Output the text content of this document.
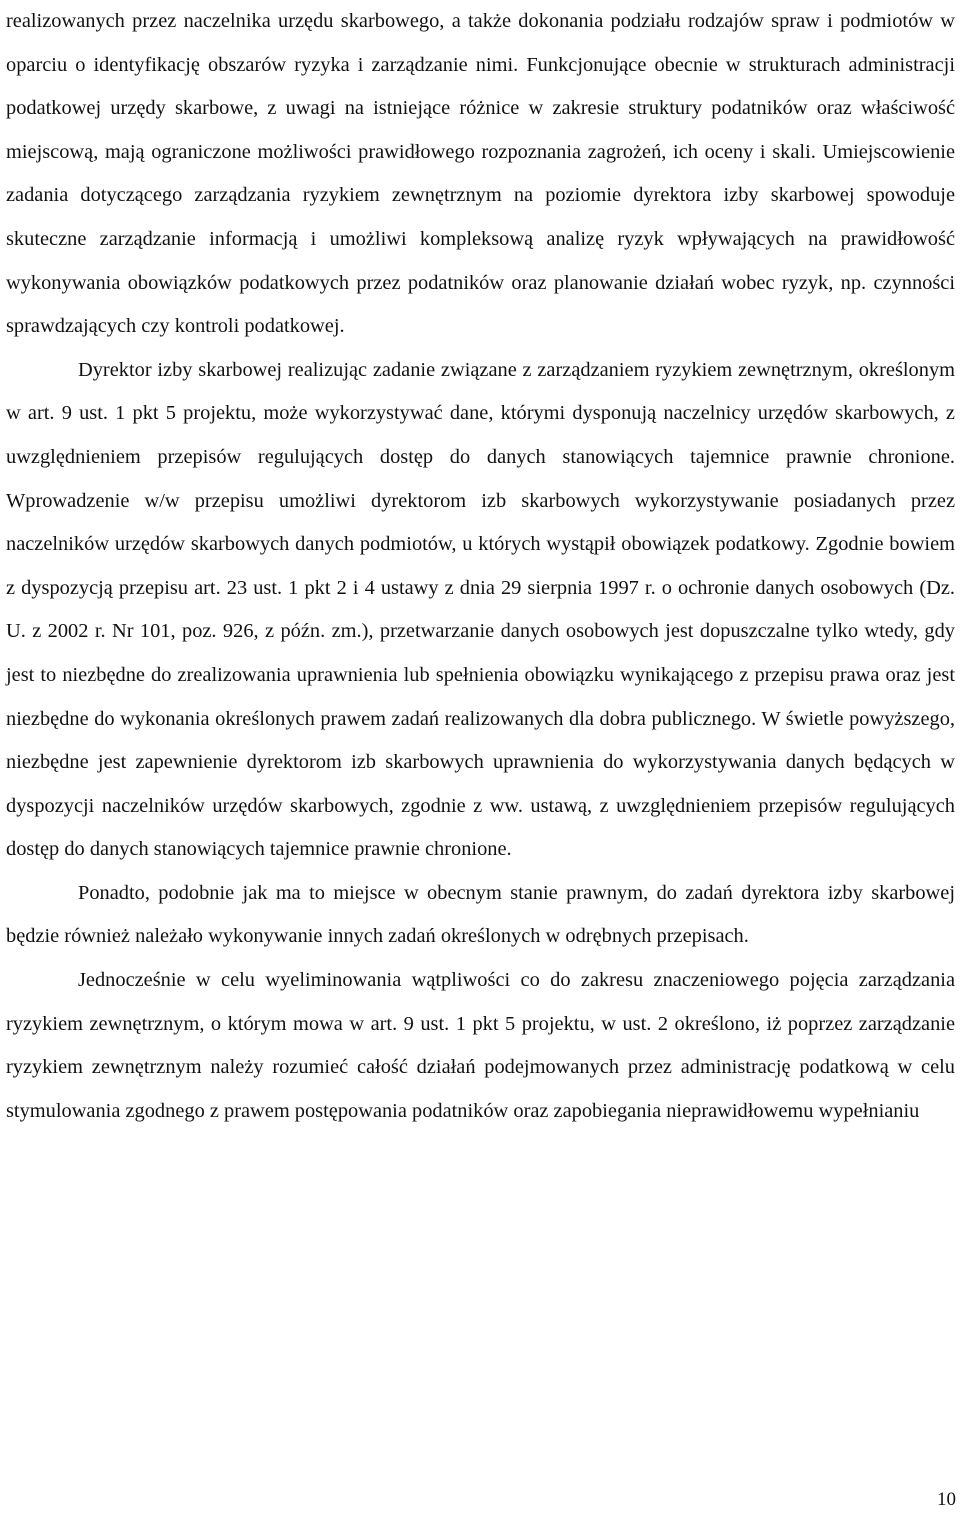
realizowanych przez naczelnika urzędu skarbowego, a także dokonania podziału rodzajów spraw i podmiotów w oparciu o identyfikację obszarów ryzyka i zarządzanie nimi. Funkcjonujące obecnie w strukturach administracji podatkowej urzędy skarbowe, z uwagi na istniejące różnice w zakresie struktury podatników oraz właściwość miejscową, mają ograniczone możliwości prawidłowego rozpoznania zagrożeń, ich oceny i skali. Umiejscowienie zadania dotyczącego zarządzania ryzykiem zewnętrznym na poziomie dyrektora izby skarbowej spowoduje skuteczne zarządzanie informacją i umożliwi kompleksową analizę ryzyk wpływających na prawidłowość wykonywania obowiązków podatkowych przez podatników oraz planowanie działań wobec ryzyk, np. czynności sprawdzających czy kontroli podatkowej.

Dyrektor izby skarbowej realizując zadanie związane z zarządzaniem ryzykiem zewnętrznym, określonym w art. 9 ust. 1 pkt 5 projektu, może wykorzystywać dane, którymi dysponują naczelnicy urzędów skarbowych, z uwzględnieniem przepisów regulujących dostęp do danych stanowiących tajemnice prawnie chronione. Wprowadzenie w/w przepisu umożliwi dyrektorom izb skarbowych wykorzystywanie posiadanych przez naczelników urzędów skarbowych danych podmiotów, u których wystąpił obowiązek podatkowy. Zgodnie bowiem z dyspozycją przepisu art. 23 ust. 1 pkt 2 i 4 ustawy z dnia 29 sierpnia 1997 r. o ochronie danych osobowych (Dz. U. z 2002 r. Nr 101, poz. 926, z późn. zm.), przetwarzanie danych osobowych jest dopuszczalne tylko wtedy, gdy jest to niezbędne do zrealizowania uprawnienia lub spełnienia obowiązku wynikającego z przepisu prawa oraz jest niezbędne do wykonania określonych prawem zadań realizowanych dla dobra publicznego. W świetle powyższego, niezbędne jest zapewnienie dyrektorom izb skarbowych uprawnienia do wykorzystywania danych będących w dyspozycji naczelników urzędów skarbowych, zgodnie z ww. ustawą, z uwzględnieniem przepisów regulujących dostęp do danych stanowiących tajemnice prawnie chronione.

Ponadto, podobnie jak ma to miejsce w obecnym stanie prawnym, do zadań dyrektora izby skarbowej będzie również należało wykonywanie innych zadań określonych w odrębnych przepisach.

Jednocześnie w celu wyeliminowania wątpliwości co do zakresu znaczeniowego pojęcia zarządzania ryzykiem zewnętrznym, o którym mowa w art. 9 ust. 1 pkt 5 projektu, w ust. 2 określono, iż poprzez zarządzanie ryzykiem zewnętrznym należy rozumieć całość działań podejmowanych przez administrację podatkową w celu stymulowania zgodnego z prawem postępowania podatników oraz zapobiegania nieprawidłowemu wypełnianiu

10
